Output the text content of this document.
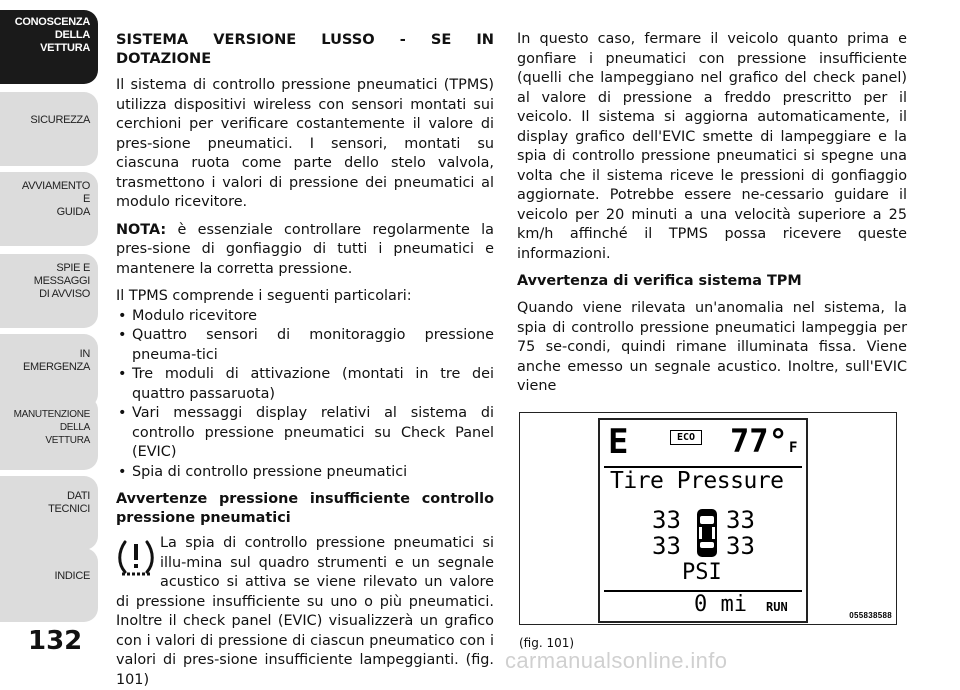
CONOSCENZA
DELLA
VETTURA
SICUREZZA
AVVIAMENTO
E
GUIDA
SPIE E
MESSAGGI
DI AVVISO
IN
EMERGENZA
MANUTENZIONE
DELLA
VETTURA
DATI
TECNICI
INDICE
132

SISTEMA VERSIONE LUSSO - SE IN DOTAZIONE

Il sistema di controllo pressione pneumatici (TPMS) utilizza dispositivi wireless con sensori montati sui cerchioni per verificare costantemente il valore di pres-sione pneumatici. I sensori, montati su ciascuna ruota come parte dello stelo valvola, trasmettono i valori di pressione dei pneumatici al modulo ricevitore.

NOTA: è essenziale controllare regolarmente la pres-sione di gonfiaggio di tutti i pneumatici e mantenere la corretta pressione.

Il TPMS comprende i seguenti particolari:

• Modulo ricevitore
• Quattro sensori di monitoraggio pressione pneuma-tici
• Tre moduli di attivazione (montati in tre dei quattro passaruota)
• Vari messaggi display relativi al sistema di controllo pressione pneumatici su Check Panel (EVIC)
• Spia di controllo pressione pneumatici

Avvertenze pressione insufficiente controllo pressione pneumatici

La spia di controllo pressione pneumatici si illu-mina sul quadro strumenti e un segnale acustico si attiva se viene rilevato un valore di pressione insufficiente su uno o più pneumatici. Inoltre il check panel (EVIC) visualizzerà un grafico con i valori di pressione di ciascun pneumatico con i valori di pres-sione insufficiente lampeggianti. (fig. 101)

In questo caso, fermare il veicolo quanto prima e gonfiare i pneumatici con pressione insufficiente (quelli che lampeggiano nel grafico del check panel) al valore di pressione a freddo prescritto per il veicolo. Il sistema si aggiorna automaticamente, il display grafico dell'EVIC smette di lampeggiare e la spia di controllo pressione pneumatici si spegne una volta che il sistema riceve le pressioni di gonfiaggio aggiornate. Potrebbe essere ne-cessario guidare il veicolo per 20 minuti a una velocità superiore a 25 km/h affinché il TPMS possa ricevere queste informazioni.

Avvertenza di verifica sistema TPM

Quando viene rilevata un'anomalia nel sistema, la spia di controllo pressione pneumatici lampeggia per 75 se-condi, quindi rimane illuminata fissa. Viene anche emesso un segnale acustico. Inoltre, sull'EVIC viene

E	ECO 77° F
Tire Pressure
33 33
33 33
PSI
0 mi RUN
055838588
(fig. 101)
carmanualsonline.info
